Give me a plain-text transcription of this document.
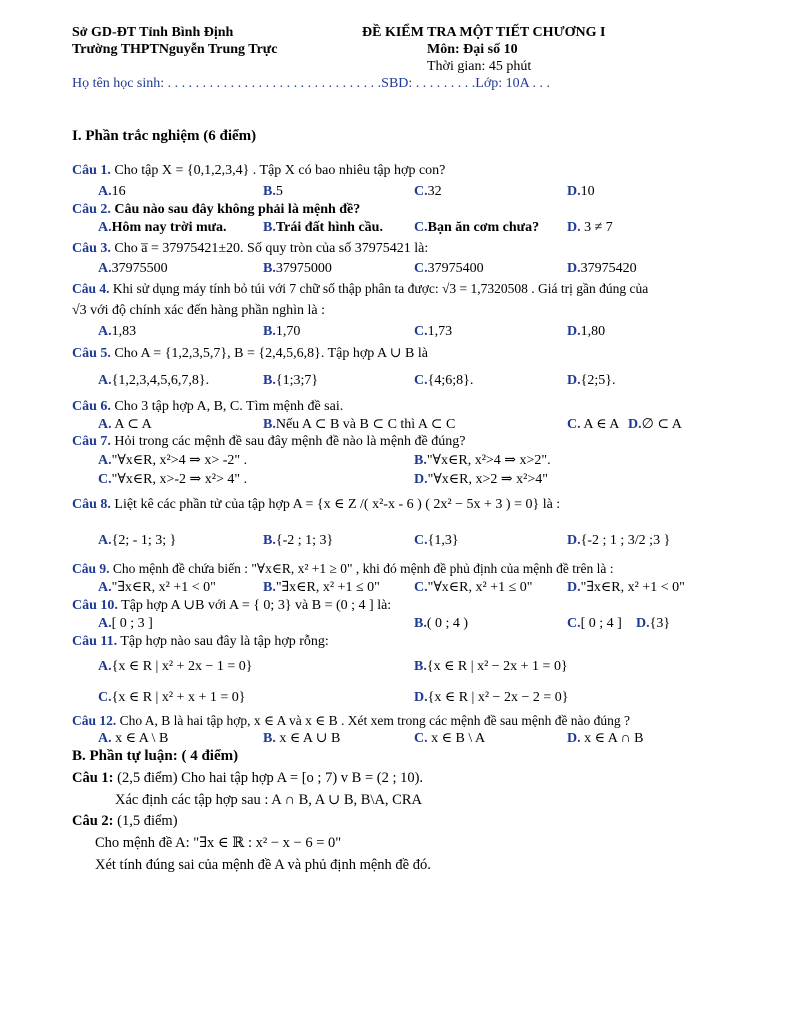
Sở GD-ĐT Tỉnh Bình Định
Trường THPTNguyễn Trung Trực
ĐỀ KIỂM TRA MỘT TIẾT CHƯƠNG I
Môn: Đại số 10
Thời gian: 45 phút
Họ tên học sinh: . . . . . . . . . . . . . . . . . . . . . . . . . . . . . . .SBD: . . . . . . . . .Lớp: 10A . . .
I. Phần trắc nghiệm (6 điểm)
Câu 1. Cho tập X = {0,1,2,3,4} . Tập X có bao nhiêu tập hợp con?
A.16	B.5	C.32	D.10
Câu 2. Câu nào sau đây không phải là mệnh đề?
A.Hôm nay trời mưa.	B.Trái đất hình cầu. C.Bạn ăn cơm chưa? D. 3 ≠ 7
Câu 3. Cho a̅ = 37975421±20. Số quy tròn của số 37975421 là:
A.37975500	B.37975000	C.37975400	D.37975420
Câu 4. Khi sử dụng máy tính bỏ túi với 7 chữ số thập phân ta được: √3 = 1,7320508 . Giá trị gần đúng của
√3 với độ chính xác đến hàng phần nghìn là :
A.1,83	B.1,70	C.1,73	D.1,80
Câu 5. Cho A = {1,2,3,5,7}, B = {2,4,5,6,8}. Tập hợp A ∪ B là
A.{1,2,3,4,5,6,7,8}.	B.{1;3;7}	C.{4;6;8}.	D.{2;5}.
Câu 6. Cho 3 tập hợp A, B, C. Tìm mệnh đề sai.
A. A ⊂ A	B.Nếu A ⊂ B và B ⊂ C thì A ⊂ C	C. A ∈ A D.∅ ⊂ A
Câu 7. Hỏi trong các mệnh đề sau đây mệnh đề nào là mệnh đề đúng?
A."∀x∈R, x²>4 ⇒ x> -2" .	B."∀x∈R, x²>4 ⇒ x>2".
C."∀x∈R, x>-2 ⇒ x²> 4" .	D."∀x∈R, x>2 ⇒ x²>4"
Câu 8. Liệt kê các phần tử của tập hợp A = {x ∈ Z /( x²-x - 6 ) ( 2x² − 5x + 3 ) = 0} là :
A.{2; - 1; 3; }	B.{-2 ; 1; 3}	C.{1,3}	D.{-2 ; 1 ; 3/2 ;3 }
Câu 9. Cho mệnh đề chứa biến : "∀x∈R, x² +1 ≥ 0" , khi đó mệnh đề phủ định của mệnh đề trên là :
A."∃x∈R, x² +1 < 0"	B."∃x∈R, x² +1 ≤ 0" C."∀x∈R, x² +1 ≤ 0" D."∃x∈R, x² +1 < 0"
Câu 10. Tập hợp A ∪B với A = { 0; 3} và B = (0 ; 4 ] là:
A.[ 0 ; 3 ]	B.( 0 ; 4 )	C.[ 0 ; 4 ] D.{3}
Câu 11. Tập hợp nào sau đây là tập hợp rỗng:
A.{x ∈ R | x² + 2x − 1 = 0}	B.{x ∈ R | x² − 2x + 1 = 0}
C.{x ∈ R | x² + x + 1 = 0}	D.{x ∈ R | x² − 2x − 2 = 0}
Câu 12. Cho A, B là hai tập hợp, x ∈ A và x ∈ B . Xét xem trong các mệnh đề sau mệnh đề nào đúng ?
A. x ∈ A \ B	B. x ∈ A ∪ B	C. x ∈ B \ A	D. x ∈ A ∩ B
B. Phần tự luận: ( 4 điểm)
Câu 1: (2,5 điểm) Cho hai tập hợp A = [o ; 7) v B = (2 ; 10).
Xác định các tập hợp sau : A ∩ B, A ∪ B, B\A, CRA
Câu 2: (1,5 điểm)
Cho mệnh đề A: "∃x ∈ ℝ : x² − x − 6 = 0"
Xét tính đúng sai của mệnh đề A và phủ định mệnh đề đó.
